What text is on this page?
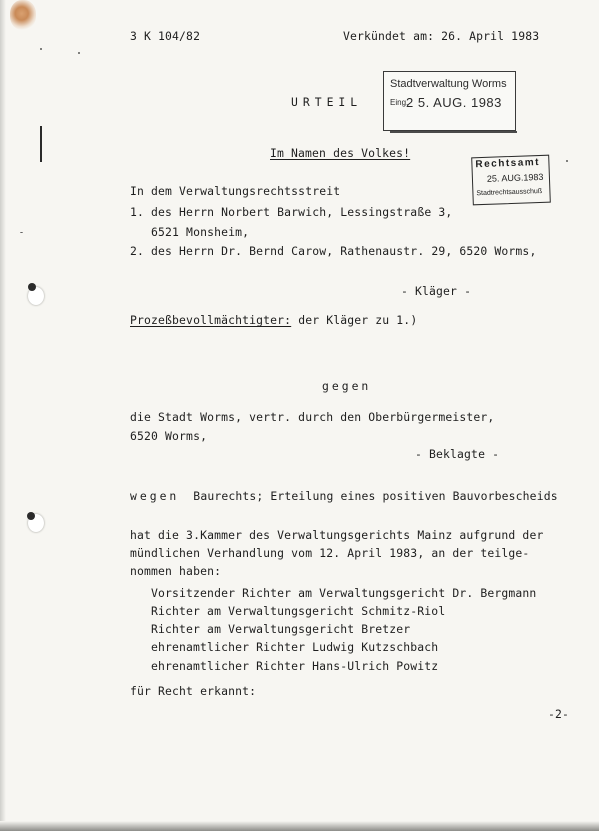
3 K 104/82	Verkündet am: 26. April 1983
URTEIL
Im Namen des Volkes!
In dem Verwaltungsrechtsstreit
1. des Herrn Norbert Barwich, Lessingstraße 3,
6521 Monsheim,
2. des Herrn Dr. Bernd Carow, Rathenaustr. 29, 6520 Worms,
- Kläger -
Prozeßbevollmächtigter: der Kläger zu 1.)
gegen
die Stadt Worms, vertr. durch den Oberbürgermeister,
6520 Worms,
- Beklagte -
wegen  Baurechts; Erteilung eines positiven Bauvorbescheids
hat die 3.Kammer des Verwaltungsgerichts Mainz aufgrund der
mündlichen Verhandlung vom 12. April 1983, an der teilge-
nommen haben:
Vorsitzender Richter am Verwaltungsgericht Dr. Bergmann
Richter am Verwaltungsgericht Schmitz-Riol
Richter am Verwaltungsgericht Bretzer
ehrenamtlicher Richter Ludwig Kutzschbach
ehrenamtlicher Richter Hans-Ulrich Powitz
für Recht erkannt:
-2-
Stadtverwaltung Worms
Eing.
2 5. AUG. 1983
Rechtsamt
25. AUG.1983
Stadtrechtsausschuß
